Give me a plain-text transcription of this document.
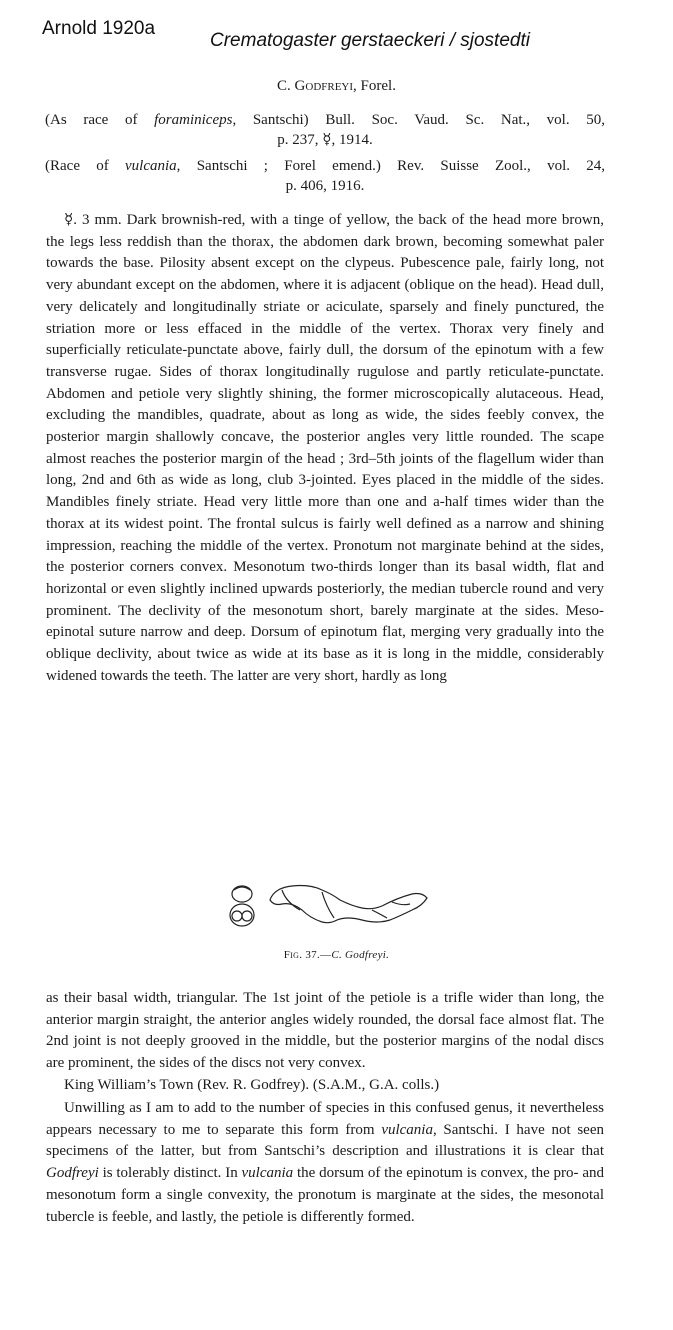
Arnold 1920a
Crematogaster gerstaeckeri / sjostedti
C. Godfreyi, Forel.
(As race of foraminiceps, Santschi) Bull. Soc. Vaud. Sc. Nat., vol. 50,
p. 237, ☿, 1914.
(Race of vulcania, Santschi ; Forel emend.) Rev. Suisse Zool., vol. 24,
p. 406, 1916.

☿. 3 mm. Dark brownish-red, with a tinge of yellow, the back of the head more brown, the legs less reddish than the thorax, the abdomen dark brown, becoming somewhat paler towards the base. Pilosity absent except on the clypeus. Pubescence pale, fairly long, not very abundant except on the abdomen, where it is adjacent (oblique on the head). Head dull, very delicately and longitudinally striate or aciculate, sparsely and finely punctured, the striation more or less effaced in the middle of the vertex. Thorax very finely and superficially reticulate-punctate above, fairly dull, the dorsum of the epinotum with a few transverse rugae. Sides of thorax longitudinally rugulose and partly reticulate-punctate. Abdomen and petiole very slightly shining, the former microscopically alutaceous. Head, excluding the mandibles, quadrate, about as long as wide, the sides feebly convex, the posterior margin shallowly concave, the posterior angles very little rounded. The scape almost reaches the posterior margin of the head ; 3rd–5th joints of the flagellum wider than long, 2nd and 6th as wide as long, club 3-jointed. Eyes placed in the middle of the sides. Mandibles finely striate. Head very little more than one and a-half times wider than the thorax at its widest point. The frontal sulcus is fairly well defined as a narrow and shining impression, reaching the middle of the vertex. Pronotum not marginate behind at the sides, the posterior corners convex. Mesonotum two-thirds longer than its basal width, flat and horizontal or even slightly inclined upwards posteriorly, the median tubercle round and very prominent. The declivity of the mesonotum short, barely marginate at the sides. Meso-epinotal suture narrow and deep. Dorsum of epinotum flat, merging very gradually into the oblique declivity, about twice as wide at its base as it is long in the middle, considerably widened towards the teeth. The latter are very short, hardly as long

Fig. 37.—C. Godfreyi.

as their basal width, triangular. The 1st joint of the petiole is a trifle wider than long, the anterior margin straight, the anterior angles widely rounded, the dorsal face almost flat. The 2nd joint is not deeply grooved in the middle, but the posterior margins of the nodal discs are prominent, the sides of the discs not very convex.

King William’s Town (Rev. R. Godfrey). (S.A.M., G.A. colls.)

Unwilling as I am to add to the number of species in this confused genus, it nevertheless appears necessary to me to separate this form from vulcania, Santschi. I have not seen specimens of the latter, but from Santschi’s description and illustrations it is clear that Godfreyi is tolerably distinct. In vulcania the dorsum of the epinotum is convex, the pro- and mesonotum form a single convexity, the pronotum is marginate at the sides, the mesonotal tubercle is feeble, and lastly, the petiole is differently formed.
